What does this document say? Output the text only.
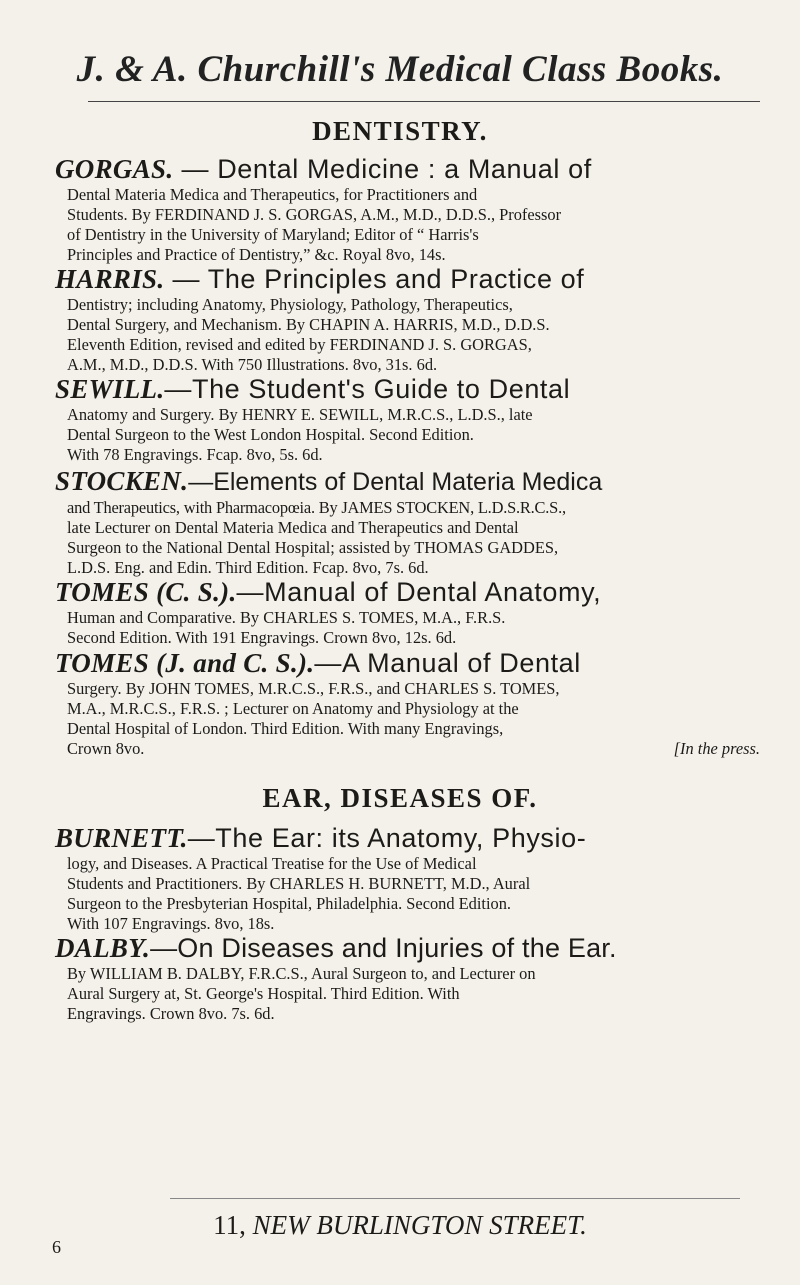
J. & A. Churchill's Medical Class Books.
DENTISTRY.
GORGAS. — Dental Medicine : a Manual of
Dental Materia Medica and Therapeutics, for Practitioners and
Students. By FERDINAND J. S. GORGAS, A.M., M.D., D.D.S., Professor
of Dentistry in the University of Maryland; Editor of “ Harris's
Principles and Practice of Dentistry,” &c. Royal 8vo, 14s.
HARRIS. — The Principles and Practice of
Dentistry; including Anatomy, Physiology, Pathology, Therapeutics,
Dental Surgery, and Mechanism. By CHAPIN A. HARRIS, M.D., D.D.S.
Eleventh Edition, revised and edited by FERDINAND J. S. GORGAS,
A.M., M.D., D.D.S. With 750 Illustrations. 8vo, 31s. 6d.
SEWILL.—The Student's Guide to Dental
Anatomy and Surgery. By HENRY E. SEWILL, M.R.C.S., L.D.S., late
Dental Surgeon to the West London Hospital. Second Edition.
With 78 Engravings. Fcap. 8vo, 5s. 6d.
STOCKEN.—Elements of Dental Materia Medica
and Therapeutics, with Pharmacopœia. By JAMES STOCKEN, L.D.S.R.C.S.,
late Lecturer on Dental Materia Medica and Therapeutics and Dental
Surgeon to the National Dental Hospital; assisted by THOMAS GADDES,
L.D.S. Eng. and Edin. Third Edition. Fcap. 8vo, 7s. 6d.
TOMES (C. S.).—Manual of Dental Anatomy,
Human and Comparative. By CHARLES S. TOMES, M.A., F.R.S.
Second Edition. With 191 Engravings. Crown 8vo, 12s. 6d.
TOMES (J. and C. S.).—A Manual of Dental
Surgery. By JOHN TOMES, M.R.C.S., F.R.S., and CHARLES S. TOMES,
M.A., M.R.C.S., F.R.S. ; Lecturer on Anatomy and Physiology at the
Dental Hospital of London. Third Edition. With many Engravings,
Crown 8vo.	[In the press.
EAR, DISEASES OF.
BURNETT.—The Ear: its Anatomy, Physio-
logy, and Diseases. A Practical Treatise for the Use of Medical
Students and Practitioners. By CHARLES H. BURNETT, M.D., Aural
Surgeon to the Presbyterian Hospital, Philadelphia. Second Edition.
With 107 Engravings. 8vo, 18s.
DALBY.—On Diseases and Injuries of the Ear.
By WILLIAM B. DALBY, F.R.C.S., Aural Surgeon to, and Lecturer on
Aural Surgery at, St. George's Hospital. Third Edition. With
Engravings. Crown 8vo. 7s. 6d.
11, NEW BURLINGTON STREET.
6
